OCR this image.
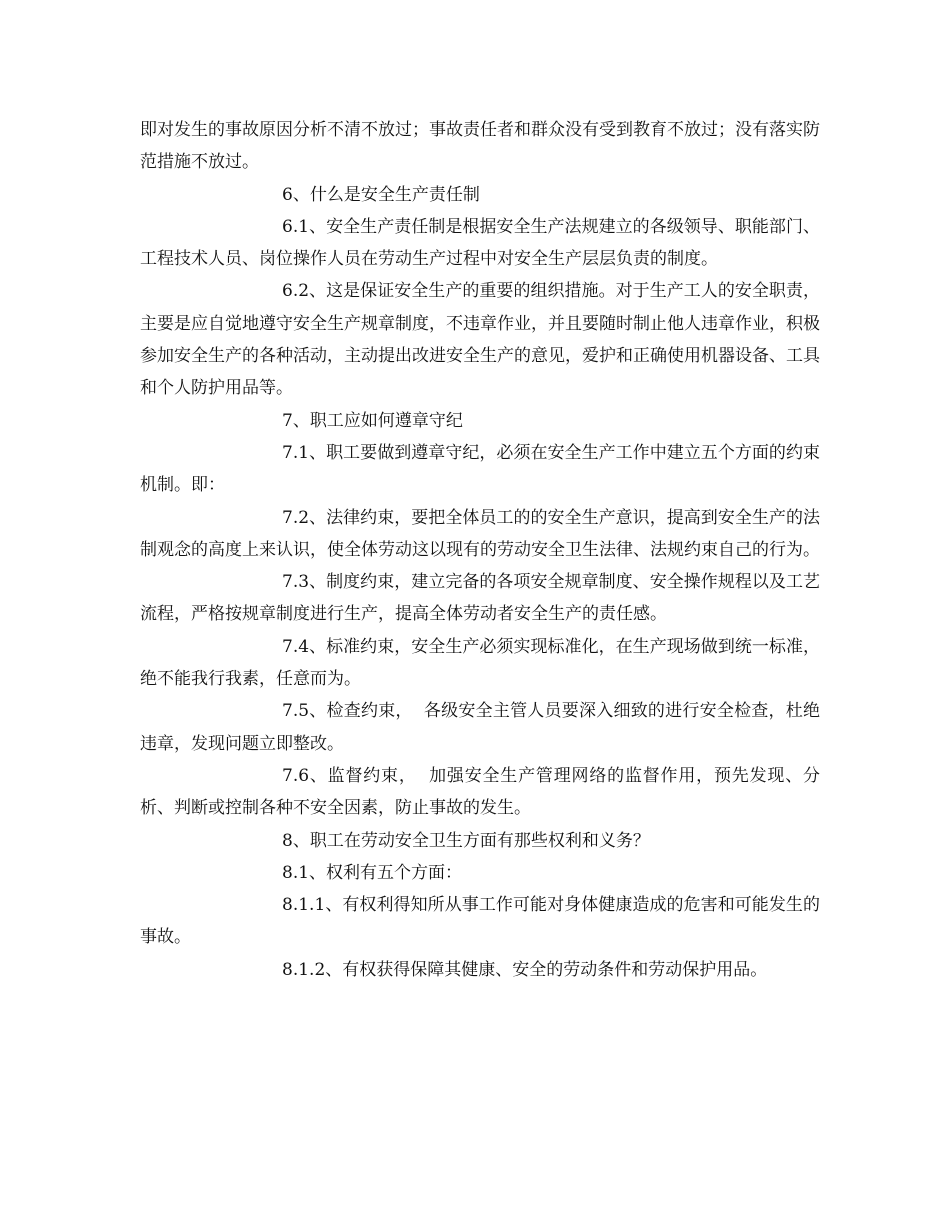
即对发生的事故原因分析不清不放过；事故责任者和群众没有受到教育不放过；没有落实防范措施不放过。

6、什么是安全生产责任制

6.1、安全生产责任制是根据安全生产法规建立的各级领导、职能部门、工程技术人员、岗位操作人员在劳动生产过程中对安全生产层层负责的制度。

6.2、这是保证安全生产的重要的组织措施。对于生产工人的安全职责，主要是应自觉地遵守安全生产规章制度，不违章作业，并且要随时制止他人违章作业，积极参加安全生产的各种活动，主动提出改进安全生产的意见，爱护和正确使用机器设备、工具和个人防护用品等。

7、职工应如何遵章守纪

7.1、职工要做到遵章守纪，必须在安全生产工作中建立五个方面的约束机制。即：

7.2、法律约束，要把全体员工的的安全生产意识，提高到安全生产的法制观念的高度上来认识，使全体劳动这以现有的劳动安全卫生法律、法规约束自己的行为。

7.3、制度约束，建立完备的各项安全规章制度、安全操作规程以及工艺流程，严格按规章制度进行生产，提高全体劳动者安全生产的责任感。

7.4、标准约束，安全生产必须实现标准化，在生产现场做到统一标准，绝不能我行我素，任意而为。

7.5、检查约束，  各级安全主管人员要深入细致的进行安全检查，杜绝违章，发现问题立即整改。

7.6、监督约束，  加强安全生产管理网络的监督作用，预先发现、分析、判断或控制各种不安全因素，防止事故的发生。

8、职工在劳动安全卫生方面有那些权利和义务？

8.1、权利有五个方面：

8.1.1、有权利得知所从事工作可能对身体健康造成的危害和可能发生的事故。

8.1.2、有权获得保障其健康、安全的劳动条件和劳动保护用品。
